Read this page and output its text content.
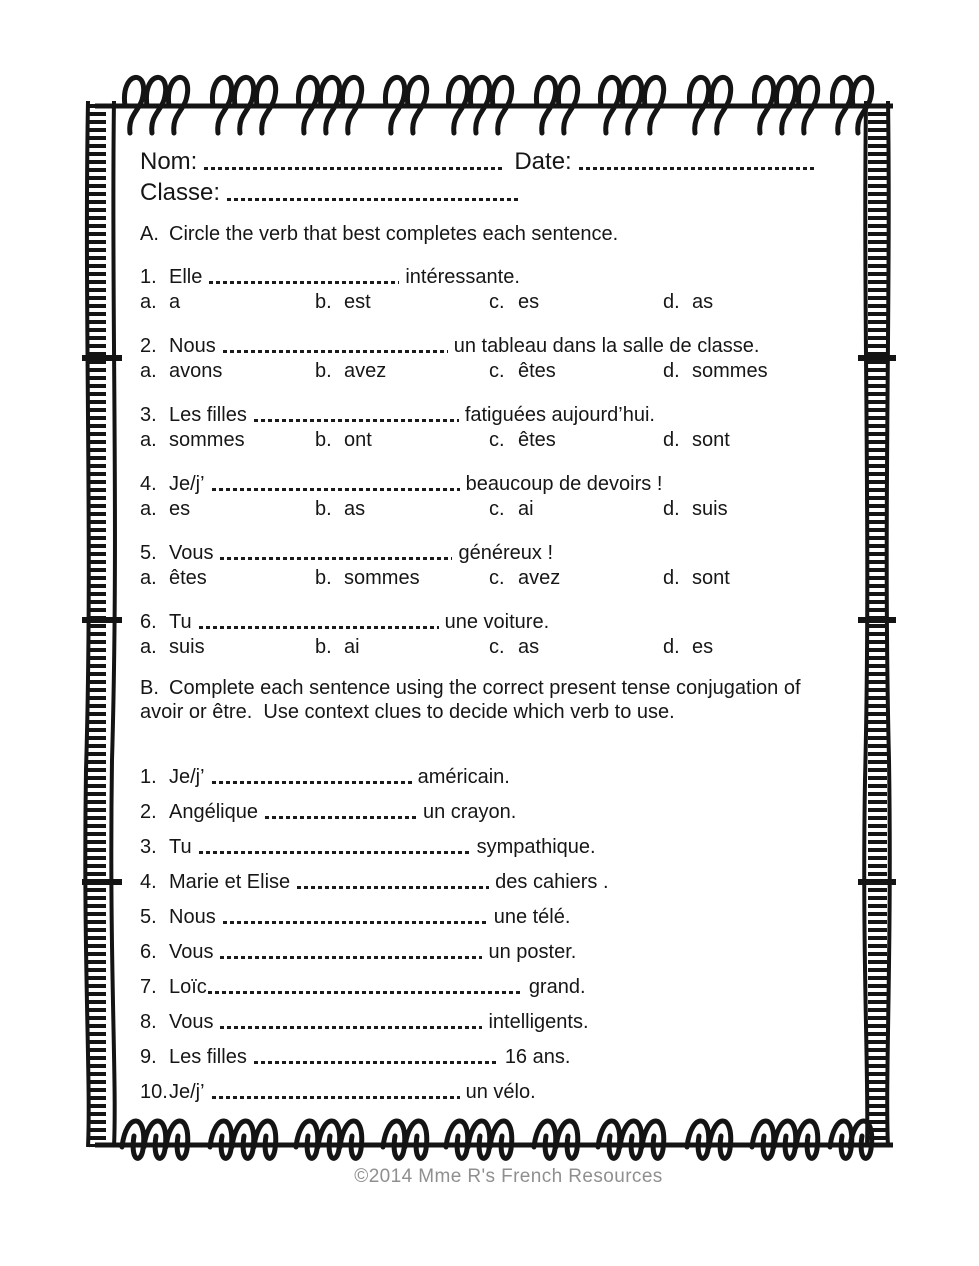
Nom:	Date:
Classe:
A. Circle the verb that best completes each sentence.
1. Elle	intéressante.
a. a	b. est	c. es	d. as
2. Nous	un tableau dans la salle de classe.
a. avons	b. avez	c. êtes	d. sommes
3. Les filles	fatiguées aujourd’hui.
a. sommes	b. ont	c. êtes	d. sont
4. Je/j’	beaucoup de devoirs !
a. es	b. as	c. ai	d. suis
5. Vous	généreux !
a. êtes	b. sommes	c. avez	d. sont
6. Tu	une voiture.
a. suis	b. ai	c. as	d. es
B. Complete each sentence using the correct present tense conjugation of
avoir or être.  Use context clues to decide which verb to use.
1. Je/j’	américain.
2. Angélique	un crayon.
3. Tu	sympathique.
4. Marie et Elise	des cahiers .
5. Nous	une télé.
6. Vous	un poster.
7. Loïc	grand.
8. Vous	intelligents.
9. Les filles	16 ans.
10.Je/j’	un vélo.
©2014 Mme R's French Resources
